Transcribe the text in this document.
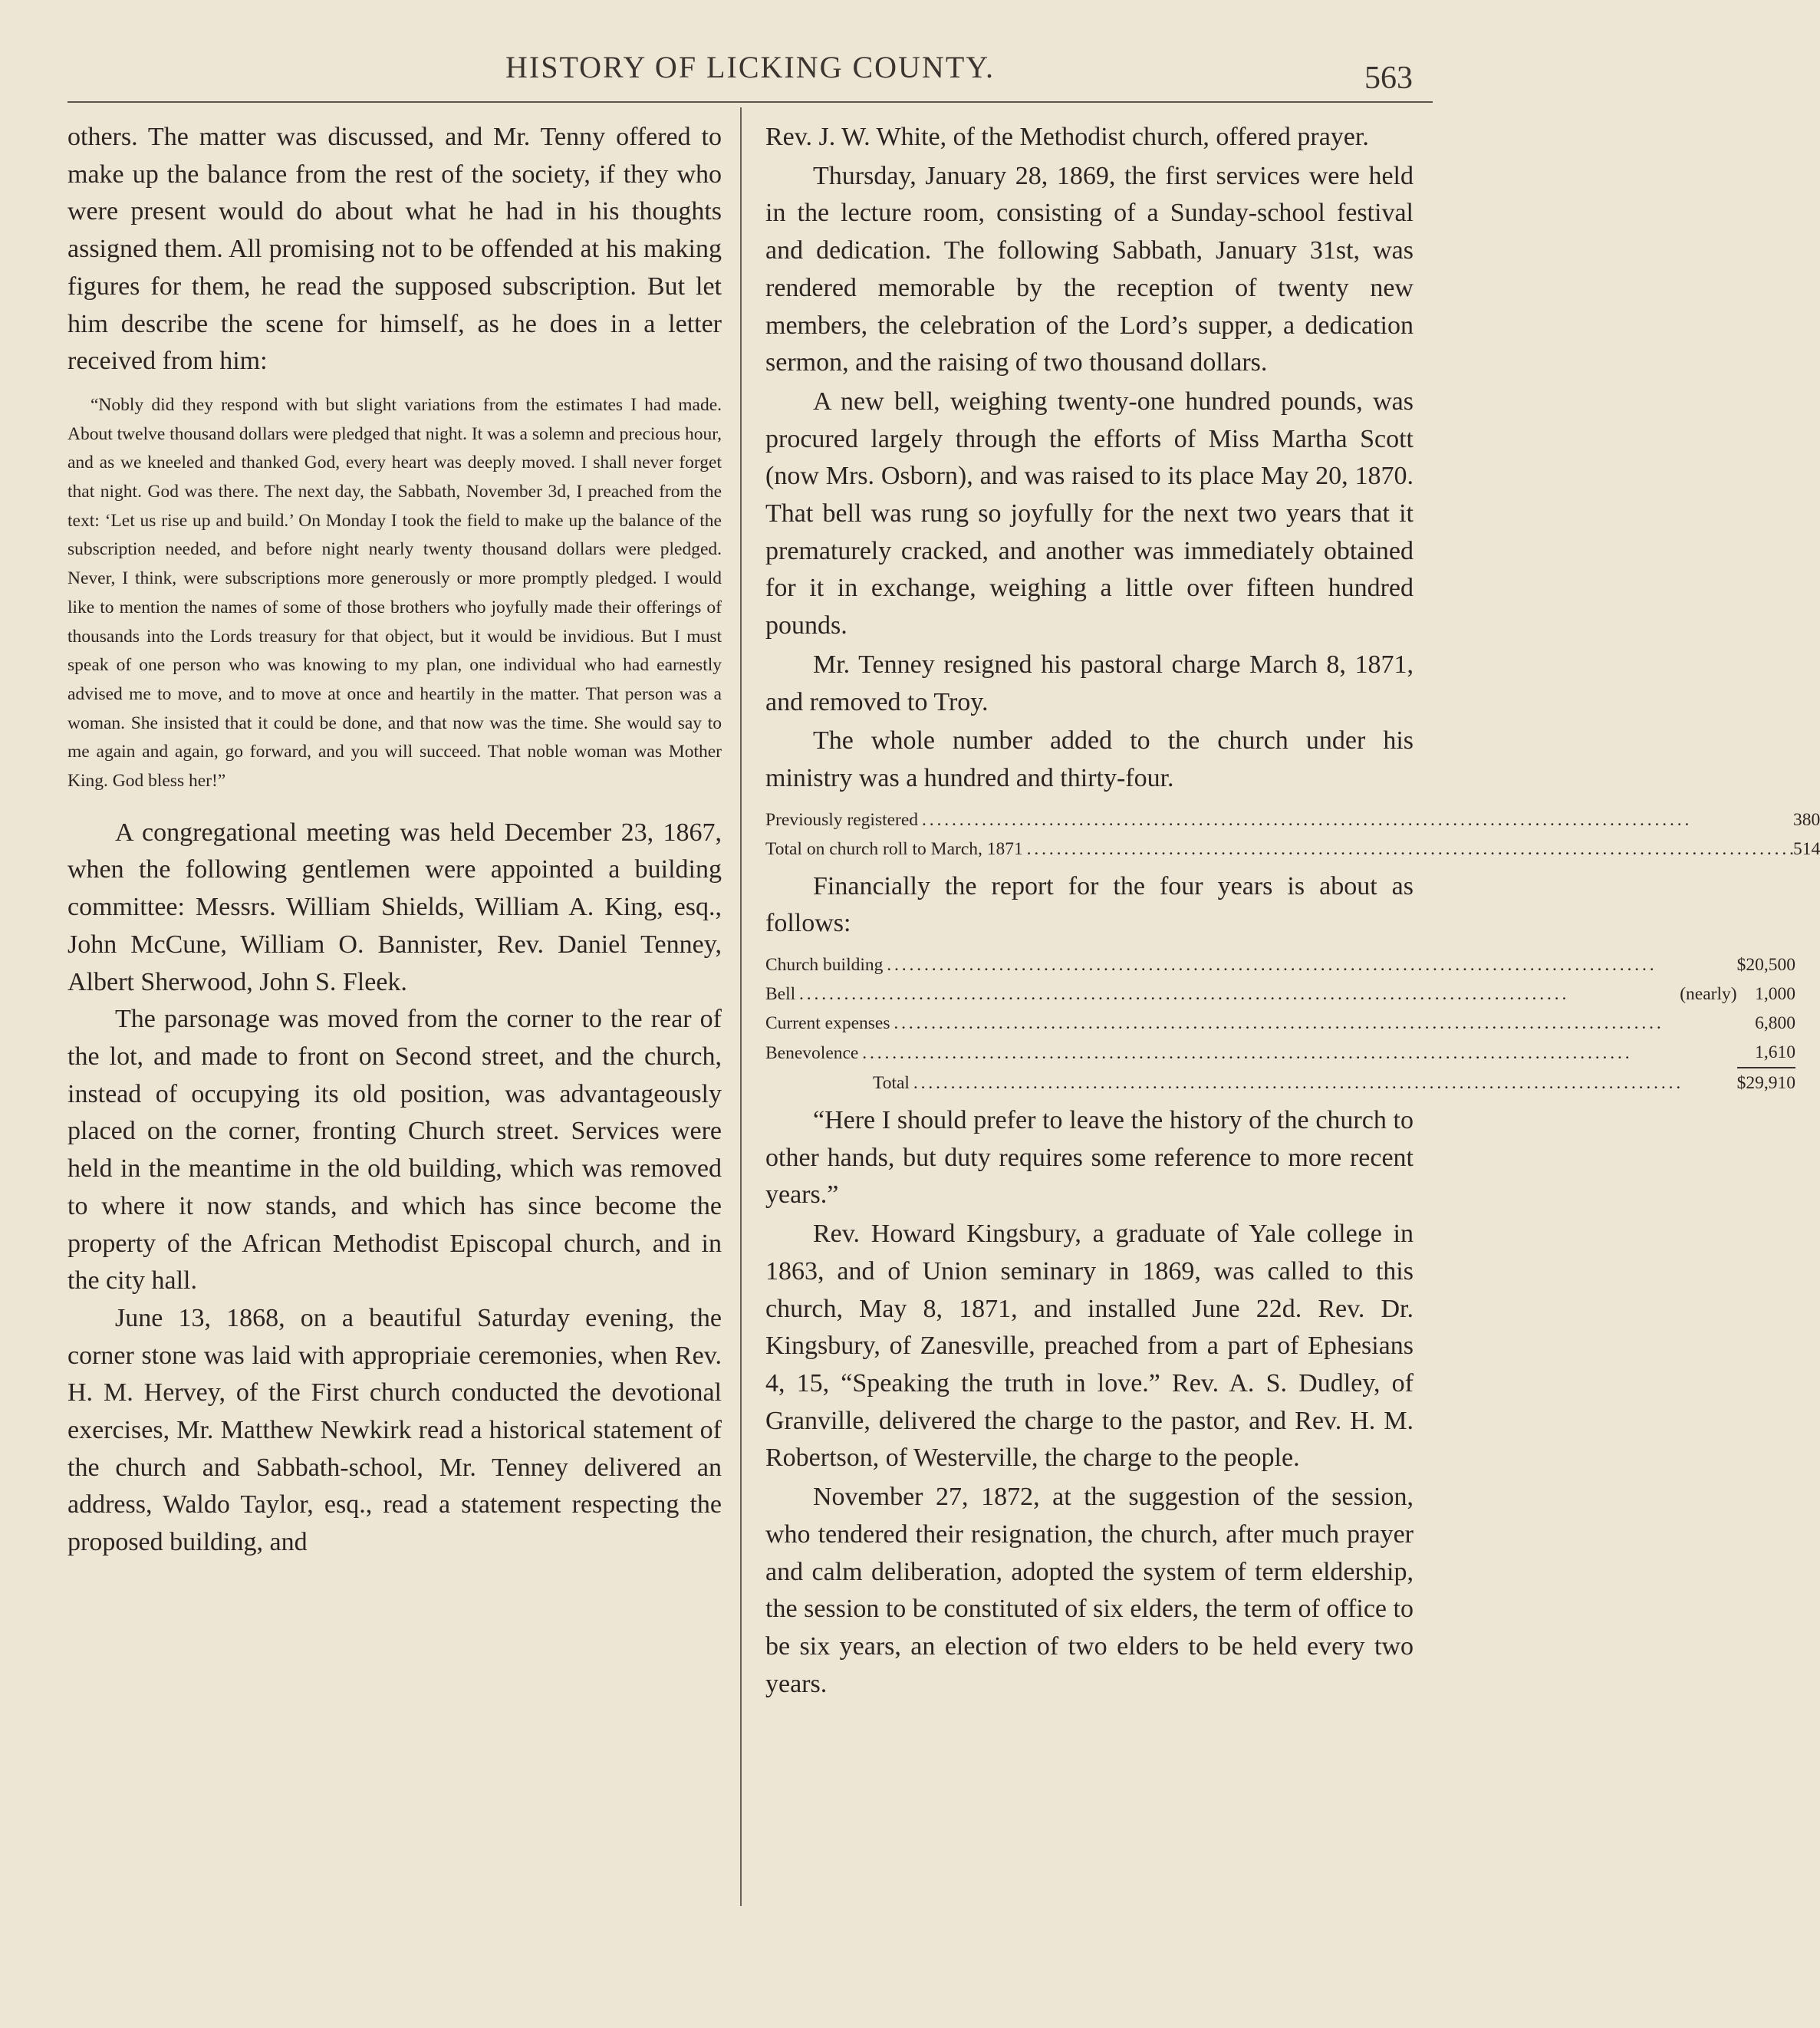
HISTORY OF LICKING COUNTY.	563

others. The matter was discussed, and Mr. Tenny offered to make up the balance from the rest of the society, if they who were present would do about what he had in his thoughts assigned them. All promising not to be offended at his making figures for them, he read the supposed subscription. But let him describe the scene for himself, as he does in a letter received from him:

“Nobly did they respond with but slight variations from the estimates I had made. About twelve thousand dollars were pledged that night. It was a solemn and precious hour, and as we kneeled and thanked God, every heart was deeply moved. I shall never forget that night. God was there. The next day, the Sabbath, November 3d, I preached from the text: ‘Let us rise up and build.’ On Monday I took the field to make up the balance of the subscription needed, and before night nearly twenty thousand dollars were pledged. Never, I think, were subscriptions more generously or more promptly pledged. I would like to mention the names of some of those brothers who joyfully made their offerings of thousands into the Lords treasury for that object, but it would be invidious. But I must speak of one person who was knowing to my plan, one individual who had earnestly advised me to move, and to move at once and heartily in the matter. That person was a woman. She insisted that it could be done, and that now was the time. She would say to me again and again, go forward, and you will succeed. That noble woman was Mother King. God bless her!”

A congregational meeting was held December 23, 1867, when the following gentlemen were appointed a building committee: Messrs. William Shields, William A. King, esq., John McCune, William O. Bannister, Rev. Daniel Tenney, Albert Sherwood, John S. Fleek.

The parsonage was moved from the corner to the rear of the lot, and made to front on Second street, and the church, instead of occupying its old position, was advantageously placed on the corner, fronting Church street. Services were held in the meantime in the old building, which was removed to where it now stands, and which has since become the property of the African Methodist Episcopal church, and in the city hall.

June 13, 1868, on a beautiful Saturday evening, the corner stone was laid with appropriaie ceremonies, when Rev. H. M. Hervey, of the First church conducted the devotional exercises, Mr. Matthew Newkirk read a historical statement of the church and Sabbath-school, Mr. Tenney delivered an address, Waldo Taylor, esq., read a statement respecting the proposed building, and

Rev. J. W. White, of the Methodist church, offered prayer.

Thursday, January 28, 1869, the first services were held in the lecture room, consisting of a Sunday-school festival and dedication. The following Sabbath, January 31st, was rendered memorable by the reception of twenty new members, the celebration of the Lord’s supper, a dedication sermon, and the raising of two thousand dollars.

A new bell, weighing twenty-one hundred pounds, was procured largely through the efforts of Miss Martha Scott (now Mrs. Osborn), and was raised to its place May 20, 1870. That bell was rung so joyfully for the next two years that it prematurely cracked, and another was immediately obtained for it in exchange, weighing a little over fifteen hundred pounds.

Mr. Tenney resigned his pastoral charge March 8, 1871, and removed to Troy.

The whole number added to the church under his ministry was a hundred and thirty-four.

Previously registered . . .	380

Total on church roll to March, 1871 . . .	514

Financially the report for the four years is about as follows:

Church building . . .		$20,500

Bell . . .	(nearly)	1,000

Current expenses . . .		6,800

Benevolence . . .		1,610

Total . . .		$29,910

“Here I should prefer to leave the history of the church to other hands, but duty requires some reference to more recent years.”

Rev. Howard Kingsbury, a graduate of Yale college in 1863, and of Union seminary in 1869, was called to this church, May 8, 1871, and installed June 22d. Rev. Dr. Kingsbury, of Zanesville, preached from a part of Ephesians 4, 15, “Speaking the truth in love.” Rev. A. S. Dudley, of Granville, delivered the charge to the pastor, and Rev. H. M. Robertson, of Westerville, the charge to the people.

November 27, 1872, at the suggestion of the session, who tendered their resignation, the church, after much prayer and calm deliberation, adopted the system of term eldership, the session to be constituted of six elders, the term of office to be six years, an election of two elders to be held every two years.
